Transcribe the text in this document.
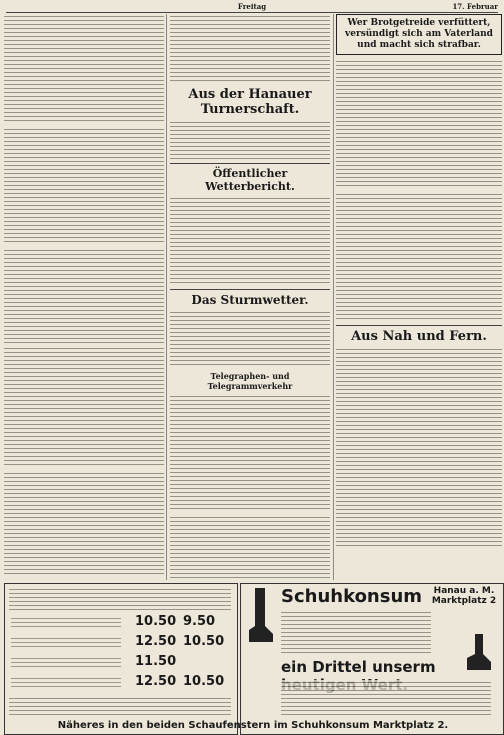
Freitag	17. Februar
Aus der Hanauer Turnerschaft.
Öffentlicher Wetterbericht.
Das Sturmwetter.
Telegraphen- und Telegrammverkehr
Wer Brotgetreide verfüttert, versündigt sich am Vaterland und macht sich strafbar.
Aus Nah und Fern.
10.50 9.50
12.50 10.50
11.50
12.50 10.50
Schuhkonsum Hanau a. M. Marktplatz 2
ein Drittel unserm
Näheres in den beiden Schaufenstern im Schuhkonsum Marktplatz 2.
